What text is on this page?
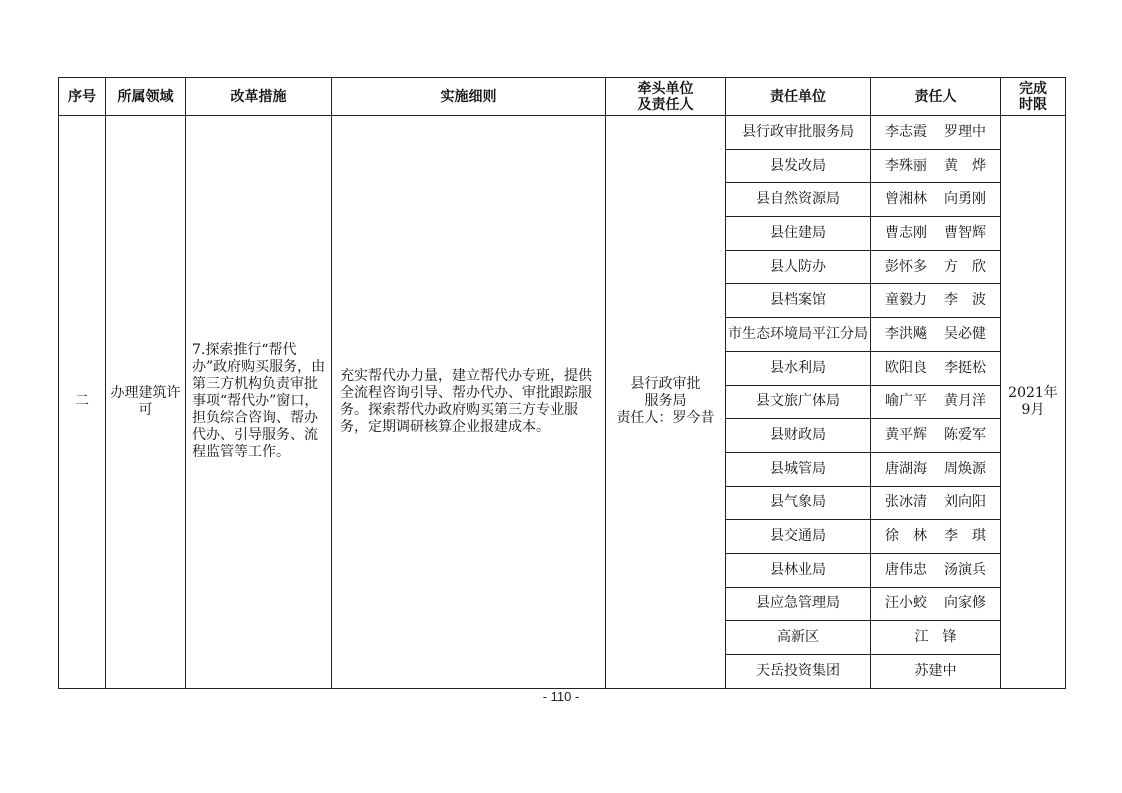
序号	所属领域	改革措施	实施细则	牵头单位
及责任人	责任单位	责任人	完成
时限
二	办理建筑许可	7.探索推行“帮代办”政府购买服务，由第三方机构负责审批事项“帮代办”窗口，担负综合咨询、帮办代办、引导服务、流程监管等工作。	充实帮代办力量，建立帮代办专班，提供全流程咨询引导、帮办代办、审批跟踪服务。探索帮代办政府购买第三方专业服务，定期调研核算企业报建成本。	县行政审批
服务局
责任人：罗今昔	县行政审批服务局	李志霞 罗理中	2021年
9月
					县发改局	李殊丽 黄　烨	

					县自然资源局	曾湘林 向勇刚	

					县住建局	曹志刚 曹智辉	

					县人防办	彭怀多 方　欣	

					县档案馆	童毅力 李　波	

					市生态环境局平江分局	李洪飚 吴必健	

					县水利局	欧阳良 李挺松	

					县文旅广体局	喻广平 黄月洋	

					县财政局	黄平辉 陈爱军	

					县城管局	唐湖海 周焕源	

					县气象局	张冰清 刘向阳	

					县交通局	徐　林 李　琪	

					县林业局	唐伟忠 汤演兵	

					县应急管理局	汪小蛟 向家修	

					高新区	江　锋	

					天岳投资集团	苏建中	
- 110 -
